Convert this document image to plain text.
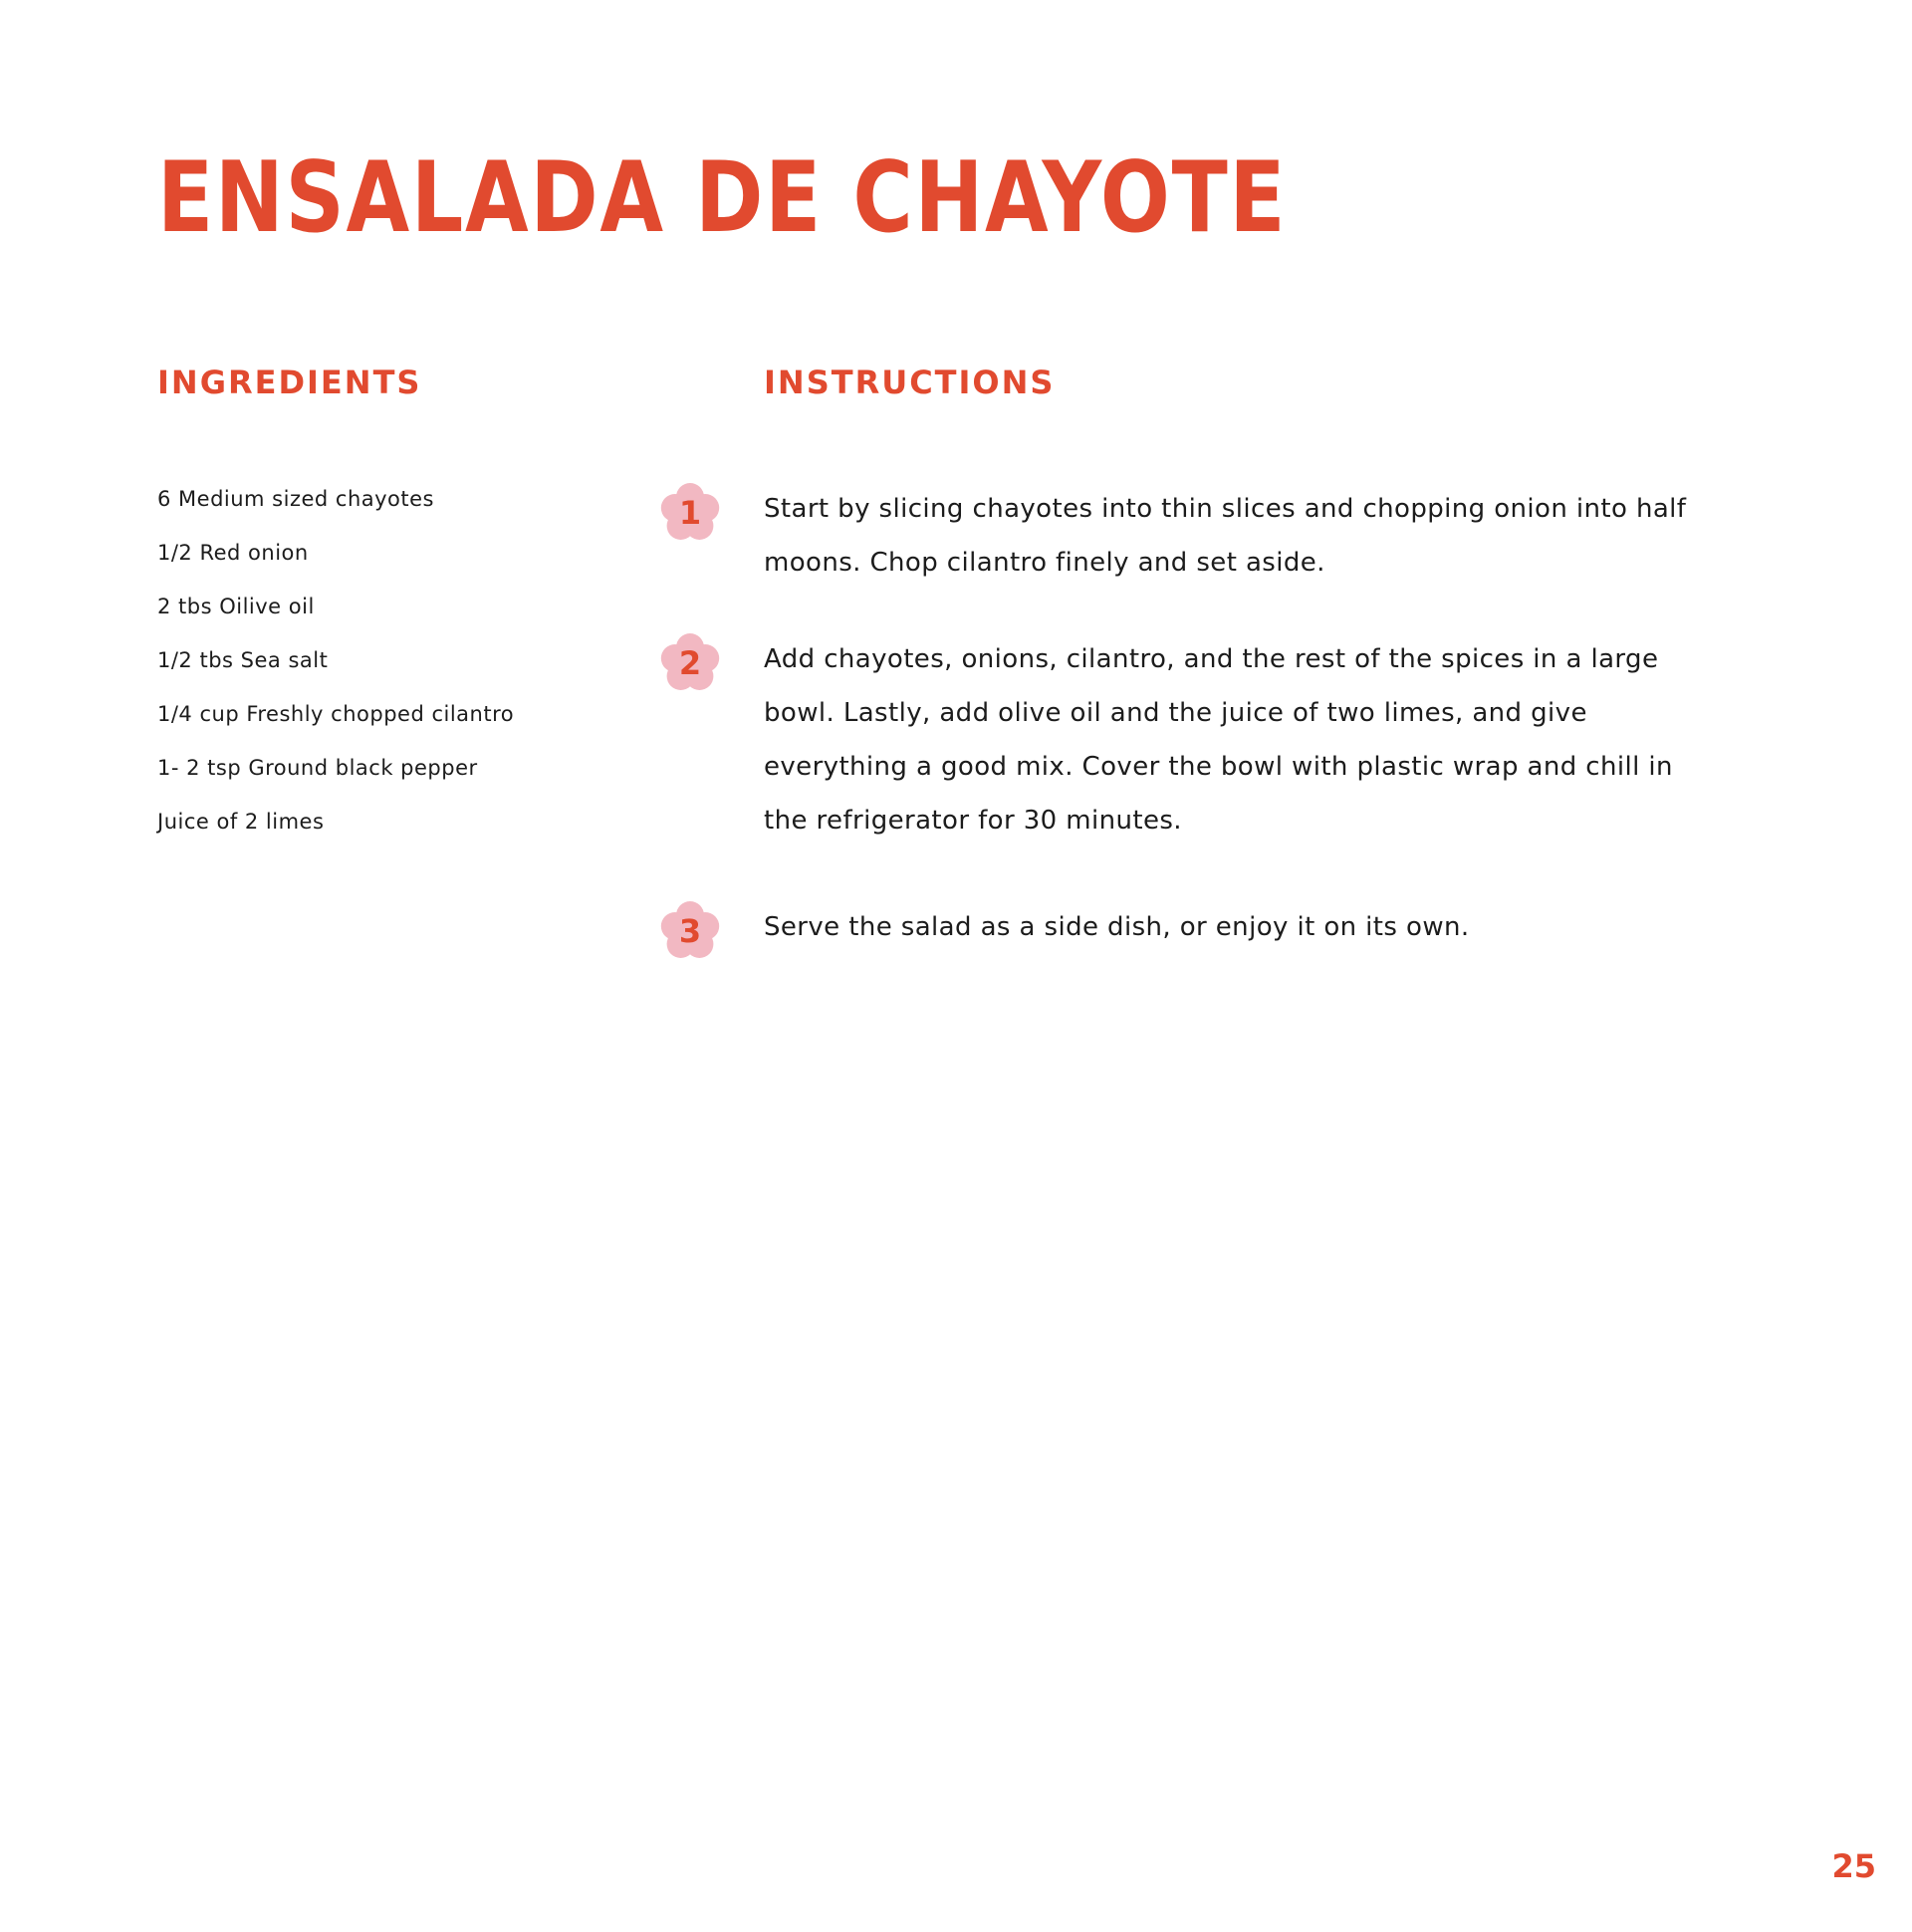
ENSALADA DE CHAYOTE
INGREDIENTS	INSTRUCTIONS
6 Medium sized chayotes
1/2 Red onion
2 tbs Oilive oil
1/2 tbs Sea salt
1/4 cup Freshly chopped cilantro
1- 2 tsp Ground black pepper
Juice of 2 limes
1	Start by slicing chayotes into thin slices and chopping onion into half moons. Chop cilantro finely and set aside.

2	Add chayotes, onions, cilantro, and the rest of the spices in a large bowl. Lastly, add olive oil and the juice of two limes, and give everything a good mix. Cover the bowl with plastic wrap and chill in the refrigerator for 30 minutes.

3	Serve the salad as a side dish, or enjoy it on its own.

25
